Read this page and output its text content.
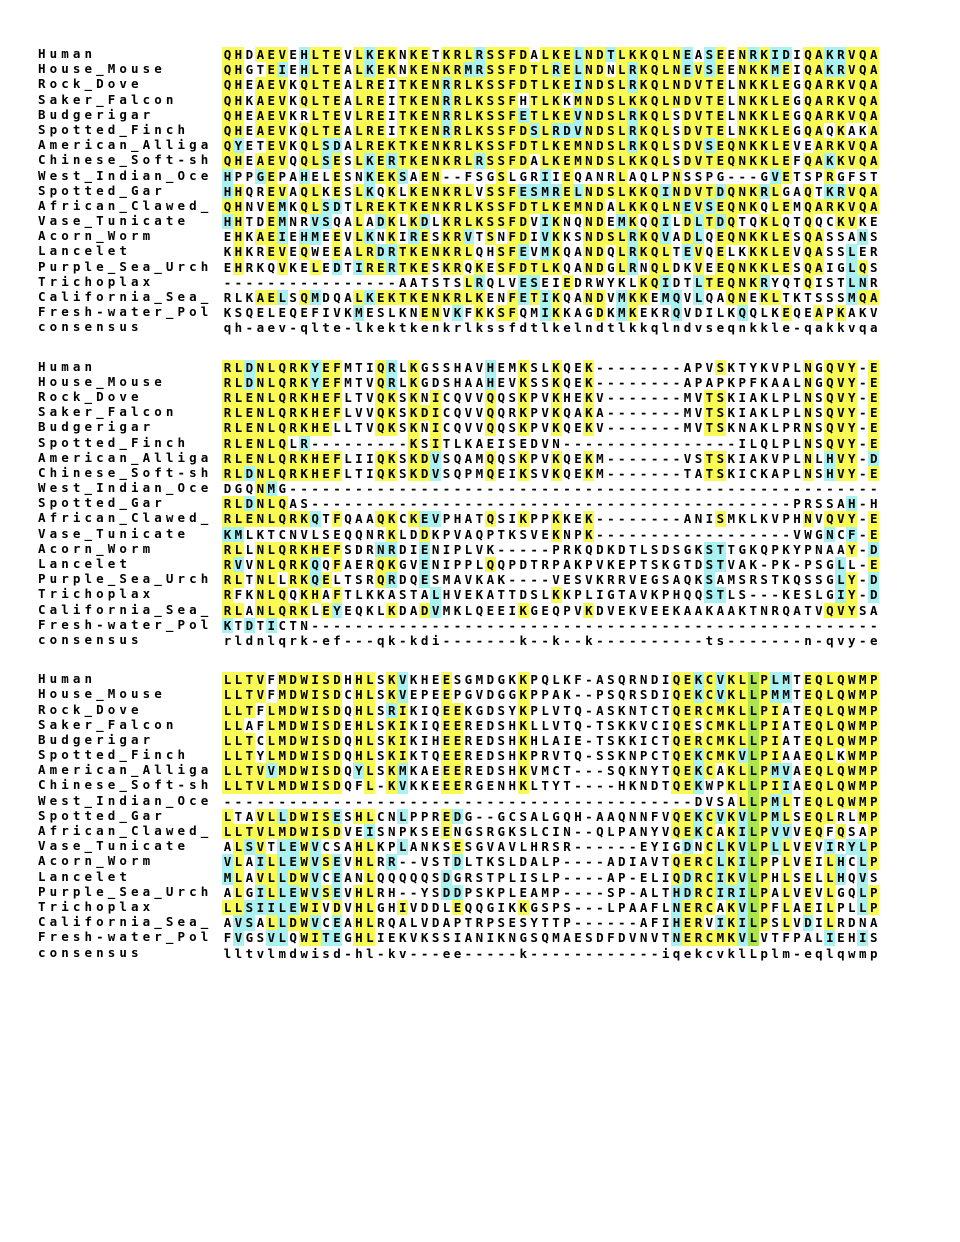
Human	Q H D A E V E H L T E V L K E K N K E T K R L R S S F D A L K E L N D T L K K Q L N E A S E E N R K I D I Q A K R V Q A
House_Mouse	Q H G T E I E H L T E A L K E K N K E N K R M R S S F D T L R E L N D N L R K Q L N E V S E E N K K M E I Q A K R V Q A
Rock_Dove	Q H E A E V K Q L T E A L R E I T K E N R R L K S S F D T L K E I N D S L R K Q L N D V T E L N K K L E G Q A R K V Q A
Saker_Falcon	Q H K A E V K Q L T E A L R E I T K E N R R L K S S F H T L K K M N D S L K K Q L N D V T E L N K K L E G Q A R K V Q A
Budgerigar	Q H E A E V K R L T E V L R E I T K E N R R L K S S F E T L K E V N D S L R K Q L S D V T E L N K K L E G Q A R K V Q A
Spotted_Finch	Q H E A E V K Q L T E A L R E I T K E N R R L K S S F D S L R D V N D S L R K Q L S D V T E L N K K L E G Q A Q K A K A
American_Alliga Q Y E T E V K Q L S D A L R E K T K E N K R L K S S F D T L K E M N D S L R K Q L S D V S E Q N K K L E V E A R K V Q A
Chinese_Soft-sh Q H E A E V Q Q L S E S L K E R T K E N K R L R S S F D A L K E M N D S L K K Q L S D V T E Q N K K L E F Q A K K V Q A
West_Indian_Oce H P P G E P A H E L E S N K E K S A E N - - F S G S L G R I I E Q A N R L A Q L P N S S P G - - - G V E T S P R G F S T
Spotted_Gar	H H Q R E V A Q L K E S L K Q K L K E N K R L V S S F E S M R E L N D S L K K Q I N D V T D Q N K R L G A Q T K R V Q A
African_Clawed_ Q H N V E M K Q L S D T L R E K T K E N K R L K S S F D T L K E M N D A L K K Q L N E V S E Q N K Q L E M Q A R K V Q A
Vase_Tunicate	H H T D E M N R V S Q A L A D K L K D L K R L K S S F D V I K N Q N D E M K Q Q I L D L T D Q T Q K L Q T Q Q C K V K E
Acorn_Worm	E H K A E I E H M E E V L K N K I R E S K R V T S N F D I V K K S N D S L R K Q V A D L Q E Q N K K L E S Q A S S A N S
Lancelet	K H K R E V E Q W E E A L R D R T K E N K R L Q H S F E V M K Q A N D Q L R K Q L T E V Q E L K K K L E V Q A S S L E R
Purple_Sea_Urch E H R K Q V K E L E D T I R E R T K E S K R Q K E S F D T L K Q A N D G L R N Q L D K V E E Q N K K L E S Q A I G L Q S
Trichoplax	- - - - - - - - - - - - - - - - A A T S T S L R Q L V E S E I E D R W Y K L K Q I D T L T E Q N K R Y Q T Q I S T L N R
California_Sea_ R L K A E L S Q M D Q A L K E K T K E N K R L K E N F E T I K Q A N D V M K K E M Q V L Q A Q N E K L T K T S S S M Q A
Fresh-water_Pol K S Q E L E Q E F I V K M E S L K N E N V K F K K S F Q M I K K A G D K M K E K R Q V D I L K Q Q L K E Q E A P K A K V
consensus	q h - a e v - q l t e - l k e k t k e n k r l k s s f d t l k e l n d t l k k q l n d v s e q n k k l e - q a k k v q a
Human	R L D N L Q R K Y E F M T I Q R L K G S S H A V H E M K S L K Q E K - - - - - - - - A P V S K T Y K V P L N G Q V Y - E
House_Mouse	R L D N L Q R K Y E F M T V Q R L K G D S H A A H E V K S S K Q E K - - - - - - - - A P A P K P F K A A L N G Q V Y - E
Rock_Dove	R L E N L Q R K H E F L T V Q K S K N I C Q V V Q Q S K P V K H E K V - - - - - - - M V T S K I A K L P L N S Q V Y - E
Saker_Falcon	R L E N L Q R K H E F L V V Q K S K D I C Q V V Q Q R K P V K Q A K A - - - - - - - M V T S K I A K L P L N S Q V Y - E
Budgerigar	R L E N L Q R K H E L L T V Q K S K N I C Q V V Q Q S K P V K Q E K V - - - - - - - M V T S K N A K L P R N S Q V Y - E
Spotted_Finch	R L E N L Q L R - - - - - - - - - K S I T L K A E I S E D V N - - - - - - - - - - - - - - - - I L Q L P L N S Q V Y - E
American_Alliga R L E N L Q R K H E F L I I Q K S K D V S Q A M Q Q S K P V K Q E K M - - - - - - - V S T S K I A K V P L N L H V Y - D
Chinese_Soft-sh R L D N L Q R K H E F L T I Q K S K D V S Q P M Q E I K S V K Q E K M - - - - - - - T A T S K I C K A P L N S H V Y - E
West_Indian_Oce D G Q N M G - - - - - - - - - - - - - - - - - - - - - - - - - - - - - - - - - - - - - - - - - - - - - - - - - - - - - -
Spotted_Gar	R L D N L Q A S - - - - - - - - - - - - - - - - - - - - - - - - - - - - - - - - - - - - - - - - - - - - P R S S A H - H
African_Clawed_ R L E N L Q R K Q T F Q A A Q K C K E V P H A T Q S I K P P K K E K - - - - - - - - A N I S M K L K V P H N V Q V Y - E
Vase_Tunicate	K M L K T C N V L S E Q Q N R K L D D K P V A Q P T K S V E K N P K - - - - - - - - - - - - - - - - - - V W G N C F - E
Acorn_Worm	R L L N L Q R K H E F S D R N R D I E N I P L V K - - - - - P R K Q D K D T L S D S G K S T T G K Q P K Y P N A A Y - D
Lancelet	R V V N L Q R K Q Q F A E R Q K G V E N I P P L Q Q P D T R P A K P V K E P T S K G T D S T V A K - P K - P S G L L - E
Purple_Sea_Urch R L T N L L R K Q E L T S R Q R D Q E S M A V K A K - - - - V E S V K R R V E G S A Q K S A M S R S T K Q S S G L Y - D
Trichoplax	R F K N L Q Q K H A F T L K K A S T A L H V E K A T T D S L K K P L I G T A V K P H Q Q S T L S - - - K E S L G I Y - D
California_Sea_ R L A N L Q R K L E Y E Q K L K D A D V M K L Q E E I K G E Q P V K D V E K V E E K A A K A A K T N R Q A T V Q V Y S A
Fresh-water_Pol K T D T I C T N - - - - - - - - - - - - - - - - - - - - - - - - - - - - - - - - - - - - - - - - - - - - - - - - - - - -
consensus	r l d n l q r k - e f - - - q k - k d i - - - - - - - k - - k - - k - - - - - - - - - - t s - - - - - - - n - q v y - e
Human	L L T V F M D W I S D H H L S K V K H E E S G M D G K K P Q L K F - A S Q R N D I Q E K C V K L L P L M T E Q L Q W M P
House_Mouse	L L T V F M D W I S D C H L S K V E P E E P G V D G G K P P A K - - P S Q R S D I Q E K C V K L L P M M T E Q L Q W M P
Rock_Dove	L L T F L M D W I S D Q H L S R I K I Q E E K G D S Y K P L V T Q - A S K N T C T Q E R C M K L L P I A T E Q L Q W M P
Saker_Falcon	L L A F L M D W I S D E H L S K I K I Q E E R E D S H K L L V T Q - T S K K V C I Q E S C M K L L P I A T E Q L Q W M P
Budgerigar	L L T C L M D W I S D Q H L S K I K I H E E R E D S H K H L A I E - T S K K I C T Q E R C M K L L P I A T E Q L Q W M P
Spotted_Finch	L L T Y L M D W I S D Q H L S K I K T Q E E R E D S H K P R V T Q - S S K N P C T Q E K C M K V L P I A A E Q L K W M P
American_Alliga L L T V V M D W I S D Q Y L S K M K A E E E R E D S H K V M C T - - - S Q K N Y T Q E K C A K L L P M V A E Q L Q W M P
Chinese_Soft-sh L L T V L M D W I S D Q F L - K V K K E E E R G E N H K L T Y T - - - - H K N D T Q E K W P K L L P I I A E Q L Q W M P
West_Indian_Oce - - - - - - - - - - - - - - - - - - - - - - - - - - - - - - - - - - - - - - - - - - - D V S A L L P M L T E Q L Q W M P
Spotted_Gar	L T A V L L D W I S E S H L C N L P P R E D G - - G C S A L G Q H - A A Q N N F V Q E K C V K V L P M L S E Q L R L M P
African_Clawed_ L L T V L M D W I S D V E I S N P K S E E N G S R G K S L C I N - - Q L P A N Y V Q E K C A K I L P V V V E Q F Q S A P
Vase_Tunicate	A L S V T L E W V C S A H L K P L A N K S E S G V A V L H R S R - - - - - - E Y I G D N C L K V L P L L V E V I R Y L P
Acorn_Worm	V L A I L L E W V S E V H L R R - - V S T D L T K S L D A L P - - - - A D I A V T Q E R C L K I L P P L V E I L H C L P
Lancelet	M L A V L L D W V C E A N L Q Q Q Q Q S D G R S T P L I S L P - - - - A P - E L I Q D R C I K V L P H L S E L L H Q V S
Purple_Sea_Urch A L G I L L E W V S E V H L R H - - Y S D D P S K P L E A M P - - - - S P - A L T H D R C I R I L P A L V E V L G Q L P
Trichoplax	L L S I I L E W I V D V H L G H I V D D L E Q Q G I K K G S P S - - - L P A A F L N E R C A K V L P F L A E I L P L L P
California_Sea_ A V S A L L D W V C E A H L R Q A L V D A P T R P S E S Y T T P - - - - - - A F I H E R V I K I L P S L V D I L R D N A
Fresh-water_Pol F V G S V L Q W I T E G H L I E K V K S S I A N I K N G S Q M A E S D F D V N V T N E R C M K V L V T F P A L I E H I S
consensus	l l t v l m d w i s d - h l - k v - - - e e - - - - - k - - - - - - - - - - - - i q e k c v k l L p l m - e q l q w m p
